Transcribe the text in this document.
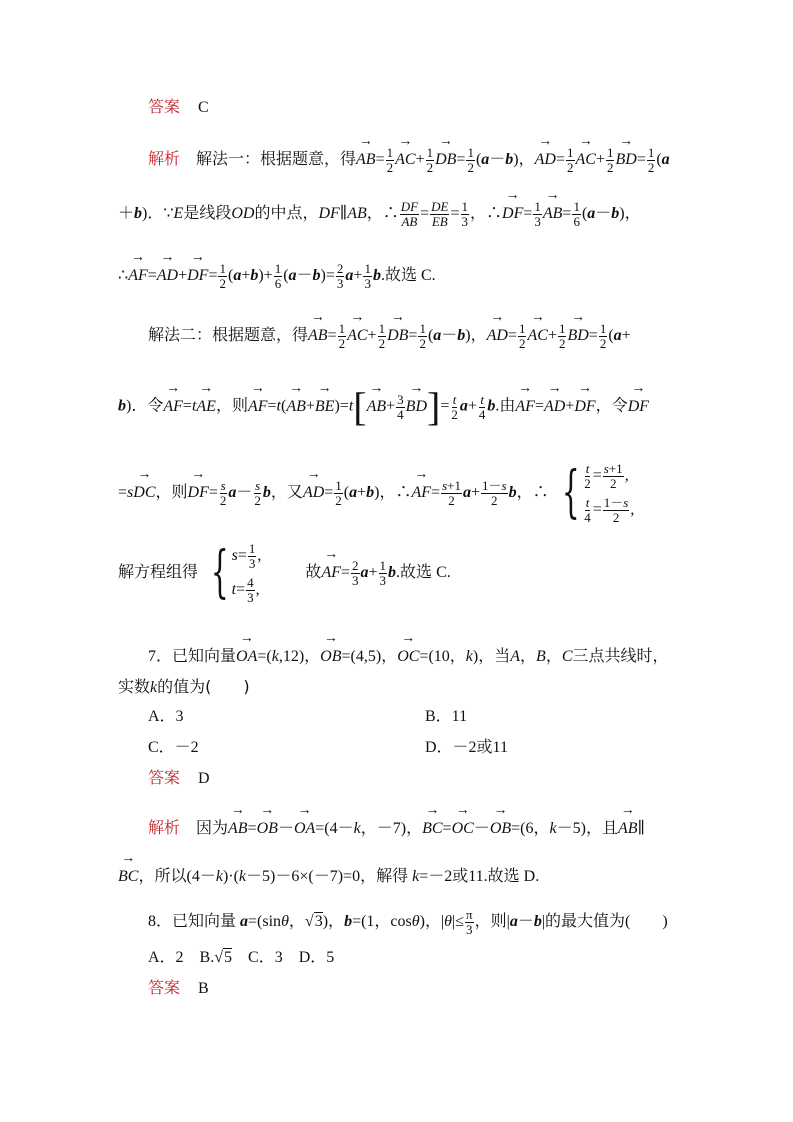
答案 C
解析 解法一：根据题意，得→ $AB= \frac{1}{2}$
→ $AC+ \frac{1}{2}$
→ $DB= \frac{1}{2} (a-b)$，→ $AD= \frac{1}{2}$
→ $AC+ \frac{1}{2}$
→ $BD= \frac{1}{2} (a$
＋b)．∵E是线段OD的中点，DF∥AB，∴ $\frac{DF}{AB} = \frac{DE}{EB} = \frac{1}{3}$ ，∴→ $DF= \frac{1}{3}$
→ $AB= \frac{1}{6} (a-b)$，
∴→ $AF=\to AD+\to DF= \frac{1}{2} (a+b)+ \frac{1}{6} (a-b)= \frac{2}{3} a+ \frac{1}{3} b$.故选 C.
解法二：根据题意，得→ $AB= \frac{1}{2}$
→ $AC+ \frac{1}{2}$
→ $DB= \frac{1}{2} (a-b)$，→ $AD= \frac{1}{2}$
→ $AC+ \frac{1}{2}$
→ $BD= \frac{1}{2} (a+$
b)．令→ AF=t→ AE，则→ $AF=t(\to AB+\to BE)=t[\to AB+ \frac{3}{4}$
→ $BD]= \frac{t}{2} a+ \frac{t}{4} b$.由→ AF=→ AD+→ DF，令→ DF
=s→ DC，则→ $DF= \frac{s}{2} a- \frac{s}{2}$ b，又→ $AD= \frac{1}{2} (a+b)$，∴→ $AF= \frac{s+1}{2} a+ \frac{1-s}{2}$ b，∴ { $\frac{t}{2} = \frac{s+1}{2}$ ,
$\frac{t}{4} = \frac{1-s}{2}$ ,
解方程组得 { $s= \frac{1}{3}$ ,
$t= \frac{4}{3}$ ,
故→ $AF= \frac{2}{3} a+ \frac{1}{3} b$.故选 C.
7．已知向量→ OA=(k,12)，→ OB=(4,5)，→ OC=(10，k)，当A，B，C三点共线时，
实数k的值为(　　)
A．3	B．11
C．－2	D．－2或11
答案 D
解析 因为→ AB=→ OB－→ OA=(4－k，－7)，→ BC=→ OC－→ OB=(6，k－5)，且→ AB∥
→ BC，所以(4－k)·(k－5)－6×(－7)=0，解得 k=－2或11.故选 D.
8．已知向量 a=(sinθ，√3)，b=(1，cosθ)，$|\theta|\le \frac{\pi}{3}$ ，则|a－b|的最大值为(　　)
A．2　B.√5　C．3　D．5
答案 B
